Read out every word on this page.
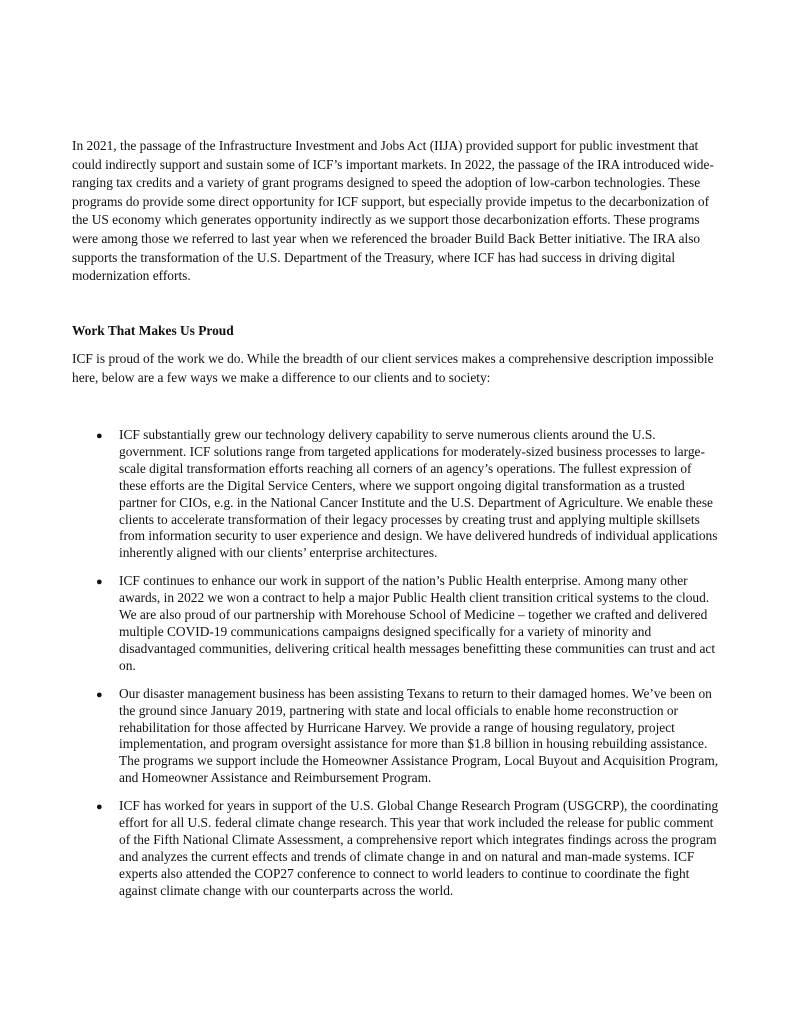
In 2021, the passage of the Infrastructure Investment and Jobs Act (IIJA) provided support for public investment that could indirectly support and sustain some of ICF’s important markets. In 2022, the passage of the IRA introduced wide-ranging tax credits and a variety of grant programs designed to speed the adoption of low-carbon technologies. These programs do provide some direct opportunity for ICF support, but especially provide impetus to the decarbonization of the US economy which generates opportunity indirectly as we support those decarbonization efforts. These programs were among those we referred to last year when we referenced the broader Build Back Better initiative. The IRA also supports the transformation of the U.S. Department of the Treasury, where ICF has had success in driving digital modernization efforts.

Work That Makes Us Proud

ICF is proud of the work we do. While the breadth of our client services makes a comprehensive description impossible here, below are a few ways we make a difference to our clients and to society:

● ICF substantially grew our technology delivery capability to serve numerous clients around the U.S. government. ICF solutions range from targeted applications for moderately-sized business processes to large-scale digital transformation efforts reaching all corners of an agency’s operations. The fullest expression of these efforts are the Digital Service Centers, where we support ongoing digital transformation as a trusted partner for CIOs, e.g. in the National Cancer Institute and the U.S. Department of Agriculture. We enable these clients to accelerate transformation of their legacy processes by creating trust and applying multiple skillsets from information security to user experience and design. We have delivered hundreds of individual applications inherently aligned with our clients’ enterprise architectures.
● ICF continues to enhance our work in support of the nation’s Public Health enterprise. Among many other awards, in 2022 we won a contract to help a major Public Health client transition critical systems to the cloud. We are also proud of our partnership with Morehouse School of Medicine – together we crafted and delivered multiple COVID-19 communications campaigns designed specifically for a variety of minority and disadvantaged communities, delivering critical health messages benefitting these communities can trust and act on.
● Our disaster management business has been assisting Texans to return to their damaged homes. We’ve been on the ground since January 2019, partnering with state and local officials to enable home reconstruction or rehabilitation for those affected by Hurricane Harvey. We provide a range of housing regulatory, project implementation, and program oversight assistance for more than $1.8 billion in housing rebuilding assistance. The programs we support include the Homeowner Assistance Program, Local Buyout and Acquisition Program, and Homeowner Assistance and Reimbursement Program.
● ICF has worked for years in support of the U.S. Global Change Research Program (USGCRP), the coordinating effort for all U.S. federal climate change research. This year that work included the release for public comment of the Fifth National Climate Assessment, a comprehensive report which integrates findings across the program and analyzes the current effects and trends of climate change in and on natural and man-made systems. ICF experts also attended the COP27 conference to connect to world leaders to continue to coordinate the fight against climate change with our counterparts across the world.
